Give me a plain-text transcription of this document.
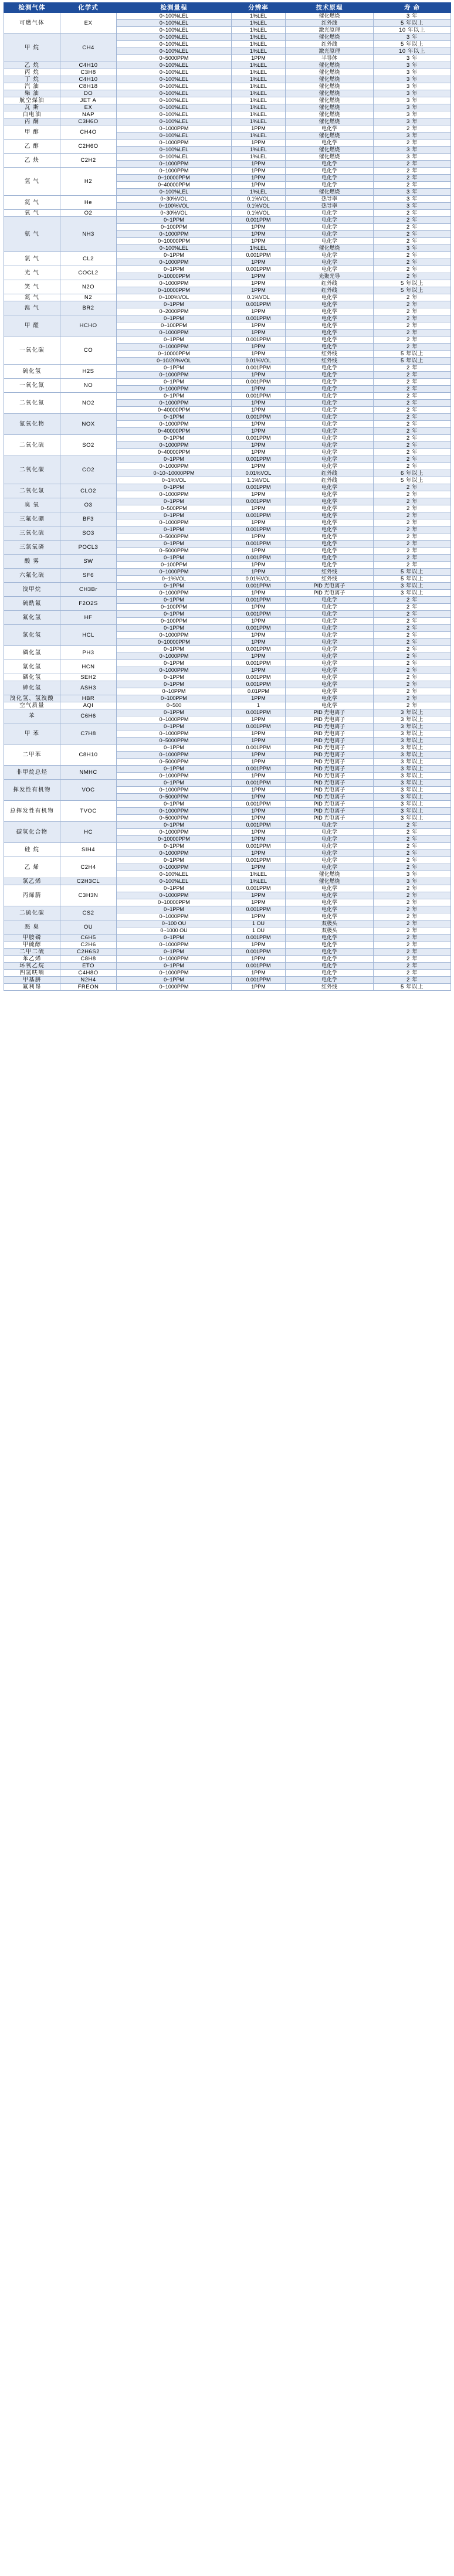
检测气体	化学式	检测量程	分辨率	技术原理	寿 命
可燃气体	EX	0~100%LEL	1%LEL	催化燃烧	3 年
		0~100%LEL	1%LEL	红外线	5 年以上
		0~100%LEL	1%LEL	激光原理	10 年以上
甲 烷	CH4	0~100%LEL	1%LEL	催化燃烧	3 年
		0~100%LEL	1%LEL	红外线	5 年以上
		0~100%LEL	1%LEL	激光原理	10 年以上
		0~5000PPM	1PPM	半导体	3 年
乙 烷	C4H10	0~100%LEL	1%LEL	催化燃烧	3 年
丙 烷	C3H8	0~100%LEL	1%LEL	催化燃烧	3 年
丁 烷	C4H10	0~100%LEL	1%LEL	催化燃烧	3 年
汽 油	C8H18	0~100%LEL	1%LEL	催化燃烧	3 年
柴 油	DO	0~100%LEL	1%LEL	催化燃烧	3 年
航空煤油	JET A	0~100%LEL	1%LEL	催化燃烧	3 年
瓦 斯	EX	0~100%LEL	1%LEL	催化燃烧	3 年
白电油	NAP	0~100%LEL	1%LEL	催化燃烧	3 年
丙 酮	C3H6O	0~100%LEL	1%LEL	催化燃烧	3 年
甲 醇	CH4O	0~1000PPM	1PPM	电化学	2 年
		0~100%LEL	1%LEL	催化燃烧	3 年
乙 醇	C2H6O	0~1000PPM	1PPM	电化学	2 年
		0~100%LEL	1%LEL	催化燃烧	3 年
乙 炔	C2H2	0~100%LEL	1%LEL	催化燃烧	3 年
		0~1000PPM	1PPM	电化学	2 年
氢 气	H2	0~1000PPM	1PPM	电化学	2 年
		0~10000PPM	1PPM	电化学	2 年
		0~40000PPM	1PPM	电化学	2 年
		0~100%LEL	1%LEL	催化燃烧	3 年
氦 气	He	0~30%VOL	0.1%VOL	热导率	3 年
		0~100%VOL	0.1%VOL	热导率	3 年
氧 气	O2	0~30%VOL	0.1%VOL	电化学	2 年
氨 气	NH3	0~1PPM	0.001PPM	电化学	2 年
		0~100PPM	1PPM	电化学	2 年
		0~1000PPM	1PPM	电化学	2 年
		0~10000PPM	1PPM	电化学	2 年
		0~100%LEL	1%LEL	催化燃烧	3 年
氯 气	CL2	0~1PPM	0.001PPM	电化学	2 年
		0~1000PPM	1PPM	电化学	2 年
光 气	COCL2	0~1PPM	0.001PPM	电化学	2 年
		0~10000PPM	1PPM	光聚光导	2 年
笑 气	N2O	0~1000PPM	1PPM	红外线	5 年以上
		0~10000PPM	1PPM	红外线	5 年以上
氮 气	N2	0~100%VOL	0.1%VOL	电化学	2 年
溴 气	BR2	0~1PPM	0.001PPM	电化学	2 年
		0~2000PPM	1PPM	电化学	2 年
甲 醛	HCHO	0~1PPM	0.001PPM	电化学	2 年
		0~100PPM	1PPM	电化学	2 年
		0~1000PPM	1PPM	电化学	2 年
一氧化碳	CO	0~1PPM	0.001PPM	电化学	2 年
		0~1000PPM	1PPM	电化学	2 年
		0~10000PPM	1PPM	红外线	5 年以上
		0~10/20%VOL	0.01%VOL	红外线	5 年以上
硫化氢	H2S	0~1PPM	0.001PPM	电化学	2 年
		0~1000PPM	1PPM	电化学	2 年
一氧化氮	NO	0~1PPM	0.001PPM	电化学	2 年
		0~1000PPM	1PPM	电化学	2 年
二氧化氮	NO2	0~1PPM	0.001PPM	电化学	2 年
		0~1000PPM	1PPM	电化学	2 年
		0~40000PPM	1PPM	电化学	2 年
氮氧化物	NOX	0~1PPM	0.001PPM	电化学	2 年
		0~1000PPM	1PPM	电化学	2 年
		0~40000PPM	1PPM	电化学	2 年
二氧化硫	SO2	0~1PPM	0.001PPM	电化学	2 年
		0~1000PPM	1PPM	电化学	2 年
		0~40000PPM	1PPM	电化学	2 年
二氧化碳	CO2	0~1PPM	0.001PPM	电化学	2 年
		0~1000PPM	1PPM	电化学	2 年
		0~10~10000PPM	0.01%VOL	红外线	6 年以上
		0~1%VOL	1.1%VOL	红外线	5 年以上
二氧化氯	CLO2	0~1PPM	0.001PPM	电化学	2 年
		0~1000PPM	1PPM	电化学	2 年
臭 氧	O3	0~1PPM	0.001PPM	电化学	2 年
		0~500PPM	1PPM	电化学	2 年
三氟化硼	BF3	0~1PPM	0.001PPM	电化学	2 年
		0~1000PPM	1PPM	电化学	2 年
三氧化硫	SO3	0~1PPM	0.001PPM	电化学	2 年
		0~5000PPM	1PPM	电化学	2 年
三氯氧磷	POCL3	0~1PPM	0.001PPM	电化学	2 年
		0~5000PPM	1PPM	电化学	2 年
酸 雾	SW	0~1PPM	0.001PPM	电化学	2 年
		0~100PPM	1PPM	电化学	2 年
六氟化硫	SF6	0~1000PPM	1PPM	红外线	5 年以上
		0~1%VOL	0.01%VOL	红外线	5 年以上
溴甲烷	CH3Br	0~1PPM	0.001PPM	PID 光电离子	3 年以上
		0~1000PPM	1PPM	PID 光电离子	3 年以上
硫酰氟	F2O2S	0~1PPM	0.001PPM	电化学	2 年
		0~100PPM	1PPM	电化学	2 年
氟化氢	HF	0~1PPM	0.001PPM	电化学	2 年
		0~100PPM	1PPM	电化学	2 年
氯化氢	HCL	0~1PPM	0.001PPM	电化学	2 年
		0~1000PPM	1PPM	电化学	2 年
		0~10000PPM	1PPM	电化学	2 年
磷化氢	PH3	0~1PPM	0.001PPM	电化学	2 年
		0~1000PPM	1PPM	电化学	2 年
氰化氢	HCN	0~1PPM	0.001PPM	电化学	2 年
		0~1000PPM	1PPM	电化学	2 年
硒化氢	SEH2	0~1PPM	0.001PPM	电化学	2 年
砷化氢	ASH3	0~1PPM	0.001PPM	电化学	2 年
		0~10PPM	0.01PPM	电化学	2 年
溴化氢、氢溴酸	HBR	0~100PPM	1PPM	电化学	2 年
空气质量	AQI	0~500	1	电化学	2 年
苯	C6H6	0~1PPM	0.001PPM	PID 光电离子	3 年以上
		0~1000PPM	1PPM	PID 光电离子	3 年以上
甲 苯	C7H8	0~1PPM	0.001PPM	PID 光电离子	3 年以上
		0~1000PPM	1PPM	PID 光电离子	3 年以上
		0~5000PPM	1PPM	PID 光电离子	3 年以上
二甲苯	C8H10	0~1PPM	0.001PPM	PID 光电离子	3 年以上
		0~1000PPM	1PPM	PID 光电离子	3 年以上
		0~5000PPM	1PPM	PID 光电离子	3 年以上
非甲烷总烃	NMHC	0~1PPM	0.001PPM	PID 光电离子	3 年以上
		0~1000PPM	1PPM	PID 光电离子	3 年以上
挥发性有机物	VOC	0~1PPM	0.001PPM	PID 光电离子	3 年以上
		0~1000PPM	1PPM	PID 光电离子	3 年以上
		0~5000PPM	1PPM	PID 光电离子	3 年以上
总挥发性有机物	TVOC	0~1PPM	0.001PPM	PID 光电离子	3 年以上
		0~1000PPM	1PPM	PID 光电离子	3 年以上
		0~5000PPM	1PPM	PID 光电离子	3 年以上
碳氢化合物	HC	0~1PPM	0.001PPM	电化学	2 年
		0~1000PPM	1PPM	电化学	2 年
		0~10000PPM	1PPM	电化学	2 年
硅 烷	SIH4	0~1PPM	0.001PPM	电化学	2 年
		0~1000PPM	1PPM	电化学	2 年
乙 烯	C2H4	0~1PPM	0.001PPM	电化学	2 年
		0~1000PPM	1PPM	电化学	2 年
		0~100%LEL	1%LEL	催化燃烧	3 年
氯乙烯	C2H3CL	0~100%LEL	1%LEL	催化燃烧	3 年
丙烯腈	C3H3N	0~1PPM	0.001PPM	电化学	2 年
		0~1000PPM	1PPM	电化学	2 年
		0~10000PPM	1PPM	电化学	2 年
二硫化碳	CS2	0~1PPM	0.001PPM	电化学	2 年
		0~1000PPM	1PPM	电化学	2 年
恶 臭	OU	0~100 OU	1 OU	双极头	2 年
		0~1000 OU	1 OU	双极头	2 年
甲胺磷	C6H5	0~1PPM	0.001PPM	电化学	2 年
甲硫醇	C2H6	0~1000PPM	1PPM	电化学	2 年
二甲二硫	C2H6S2	0~1PPM	0.001PPM	电化学	2 年
苯乙烯	C8H8	0~1000PPM	1PPM	电化学	2 年
环氧乙烷	ETO	0~1PPM	0.001PPM	电化学	2 年
四氢呋喃	C4H8O	0~1000PPM	1PPM	电化学	2 年
甲基肼	N2H4	0~1PPM	0.001PPM	电化学	2 年
氟利昂	FREON	0~1000PPM	1PPM	红外线	5 年以上
